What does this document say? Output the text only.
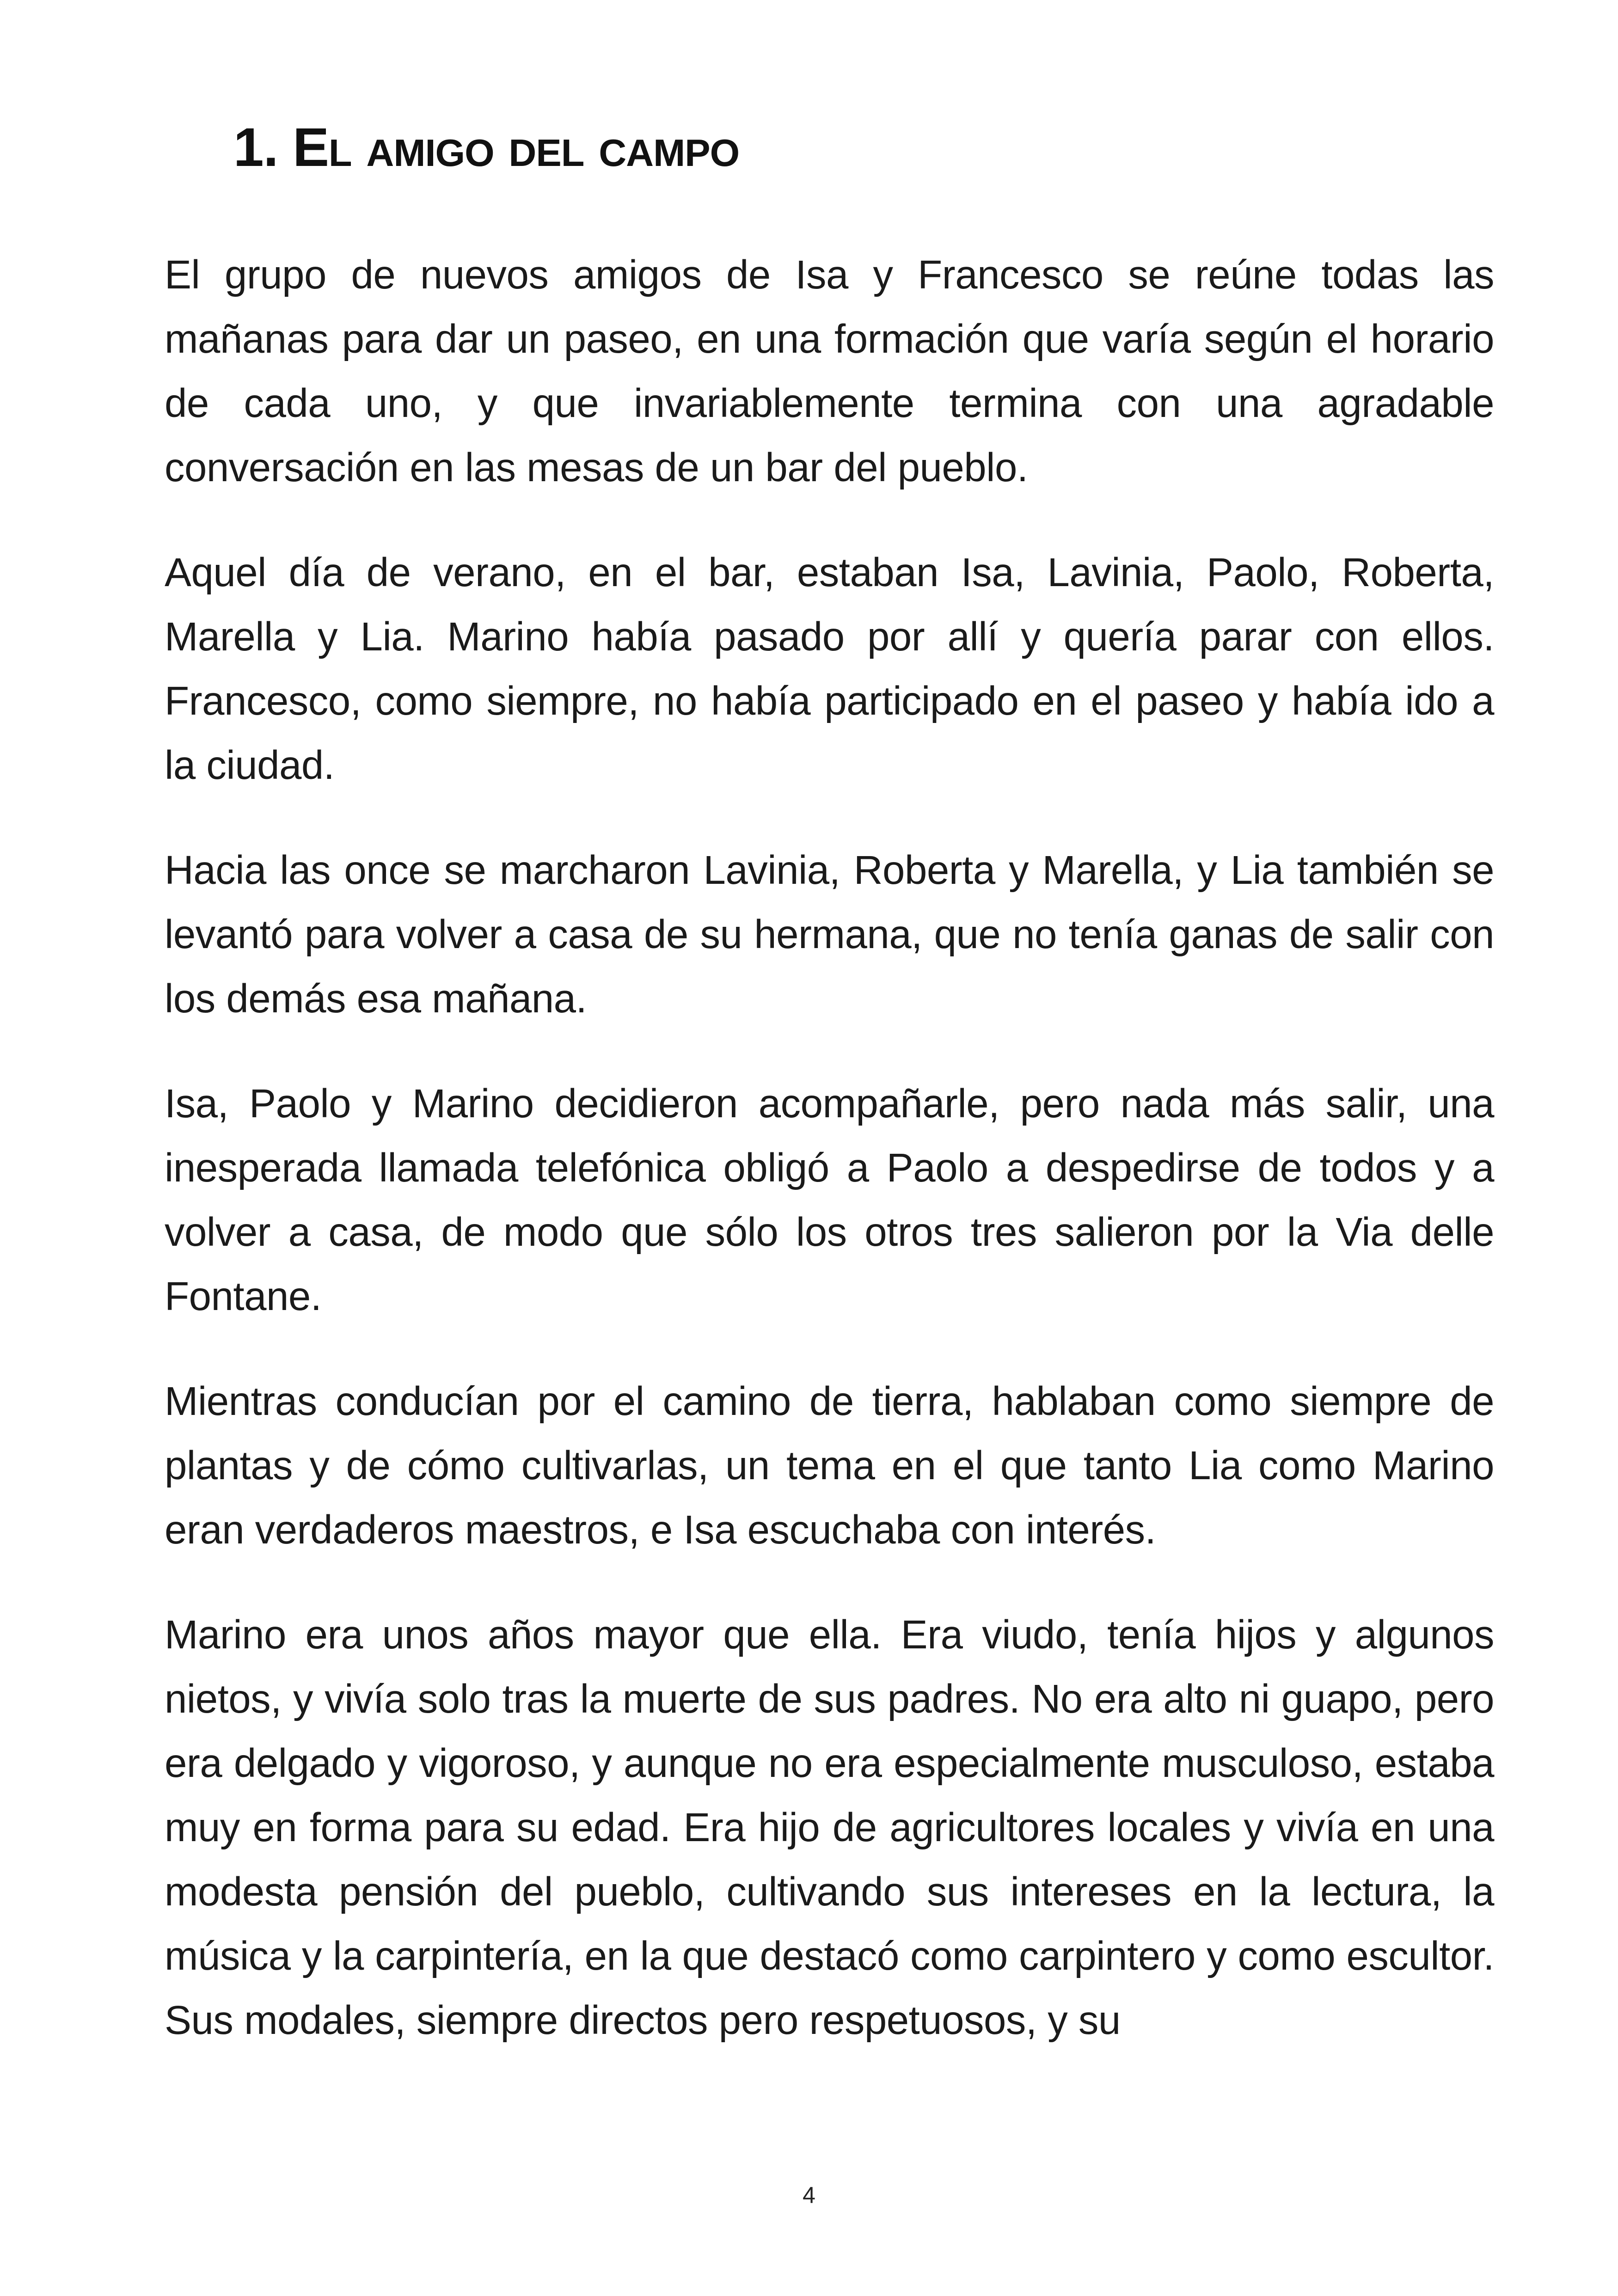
1. El amigo del campo

El grupo de nuevos amigos de Isa y Francesco se reúne todas las mañanas para dar un paseo, en una formación que varía según el horario de cada uno, y que invariablemente termina con una agradable conversación en las mesas de un bar del pueblo.

Aquel día de verano, en el bar, estaban Isa, Lavinia, Paolo, Roberta, Marella y Lia. Marino había pasado por allí y quería parar con ellos. Francesco, como siempre, no había participado en el paseo y había ido a la ciudad.

Hacia las once se marcharon Lavinia, Roberta y Marella, y Lia también se levantó para volver a casa de su hermana, que no tenía ganas de salir con los demás esa mañana.

Isa, Paolo y Marino decidieron acompañarle, pero nada más salir, una inesperada llamada telefónica obligó a Paolo a despedirse de todos y a volver a casa, de modo que sólo los otros tres salieron por la Via delle Fontane.

Mientras conducían por el camino de tierra, hablaban como siempre de plantas y de cómo cultivarlas, un tema en el que tanto Lia como Marino eran verdaderos maestros, e Isa escuchaba con interés.

Marino era unos años mayor que ella. Era viudo, tenía hijos y algunos nietos, y vivía solo tras la muerte de sus padres. No era alto ni guapo, pero era delgado y vigoroso, y aunque no era especialmente musculoso, estaba muy en forma para su edad. Era hijo de agricultores locales y vivía en una modesta pensión del pueblo, cultivando sus intereses en la lectura, la música y la carpintería, en la que destacó como carpintero y como escultor. Sus modales, siempre directos pero respetuosos, y su

4
